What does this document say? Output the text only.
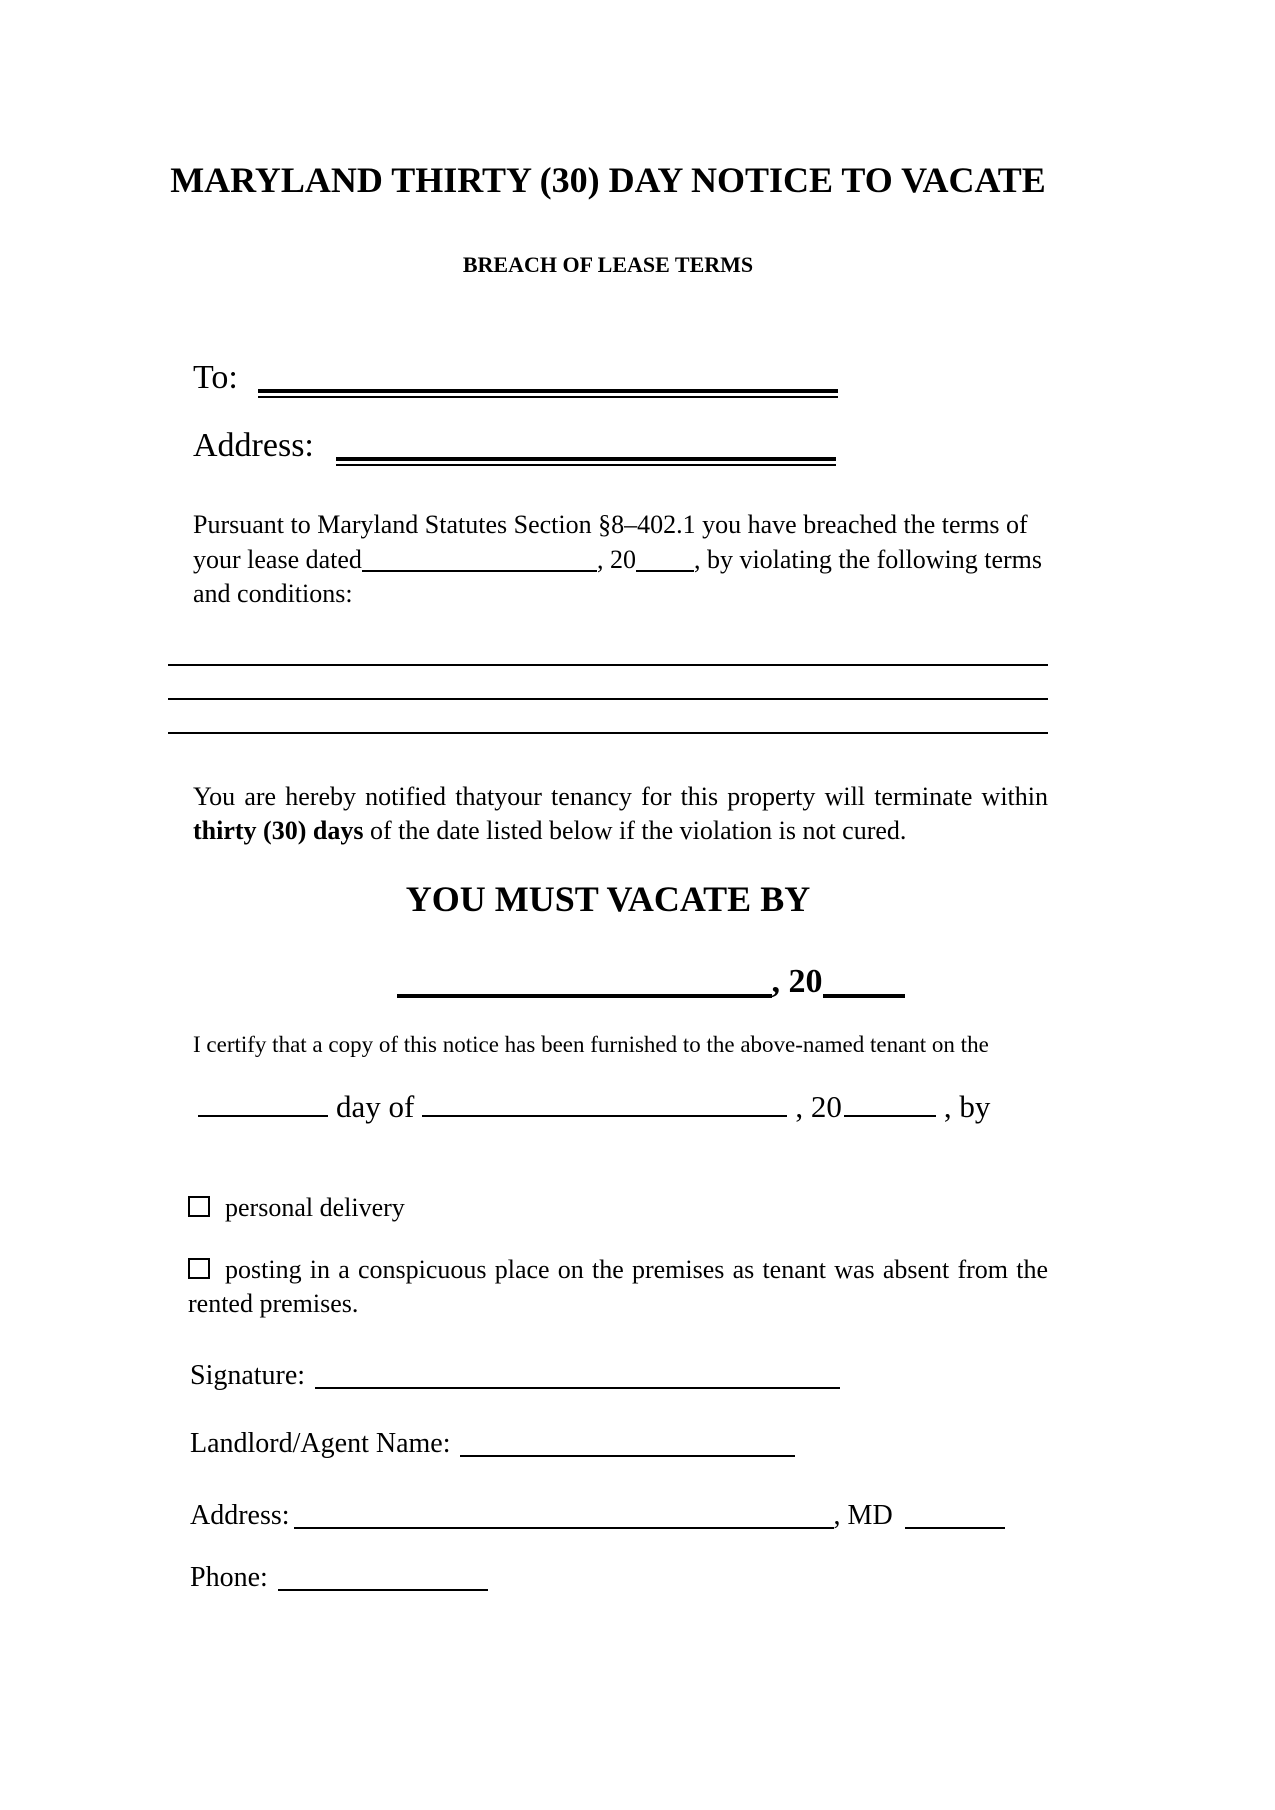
MARYLAND THIRTY (30) DAY NOTICE TO VACATE
BREACH OF LEASE TERMS
To:
Address:

Pursuant to Maryland Statutes Section §8–402.1 you have breached the terms of your lease dated	, 20 , by violating the following terms and conditions:

You are hereby notified thatyour tenancy for this property will terminate within thirty (30) days of the date listed below if the violation is not cured.

YOU MUST VACATE BY
, 20

I certify that a copy of this notice has been furnished to the above-named tenant on the

day of	, 20	, by

personal delivery

posting in a conspicuous place on the premises as tenant was absent from the rented premises.

Signature:
Landlord/Agent Name:
Address:	, MD
Phone:
